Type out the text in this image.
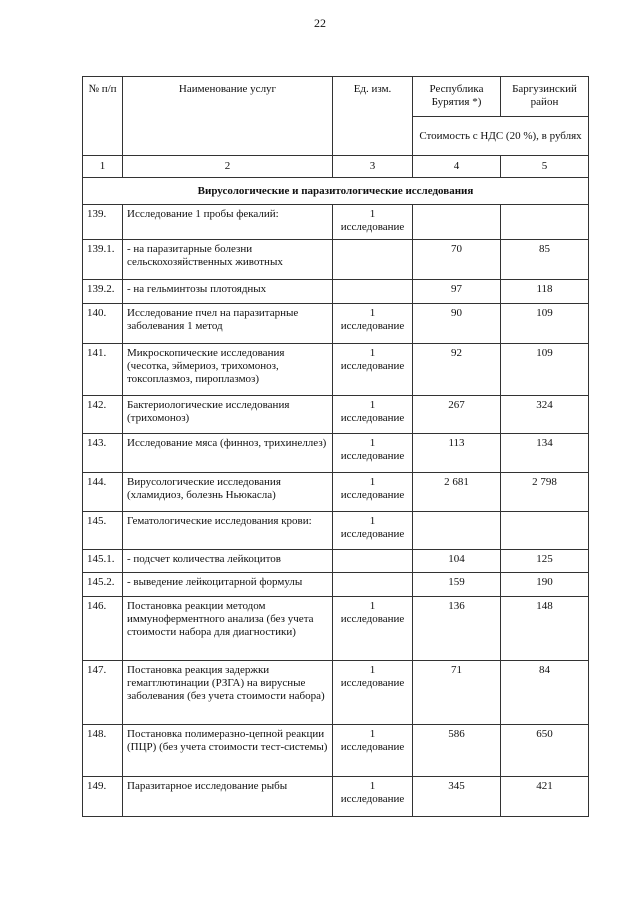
22
№ п/п	Наименование услуг	Ед. изм.	Республика Бурятия *)	Баргузинский район
			Стоимость с НДС (20 %), в рублях	
1	2	3	4	5
Вирусологические и паразитологические исследования				
139.	Исследование 1 пробы фекалий:	1 исследование		
139.1.	- на паразитарные болезни сельскохозяйственных животных		70	85
139.2.	- на гельминтозы плотоядных		97	118
140.	Исследование пчел на паразитарные заболевания 1 метод	1 исследование	90	109
141.	Микроскопические исследования (чесотка, эймериоз, трихомоноз, токсоплазмоз, пироплазмоз)	1 исследование	92	109
142.	Бактериологические исследования (трихомоноз)	1 исследование	267	324
143.	Исследование мяса (финноз, трихинеллез)	1 исследование	113	134
144.	Вирусологические исследования (хламидиоз, болезнь Ньюкасла)	1 исследование	2 681	2 798
145.	Гематологические исследования крови:	1 исследование		
145.1.	- подсчет количества лейкоцитов		104	125
145.2.	- выведение лейкоцитарной формулы		159	190
146.	Постановка реакции методом иммуноферментного анализа (без учета стоимости набора для диагностики)	1 исследование	136	148
147.	Постановка реакция задержки гемагглютинации (РЗГА) на вирусные заболевания (без учета стоимости набора)	1 исследование	71	84
148.	Постановка полимеразно-цепной реакции (ПЦР) (без учета стоимости тест-системы)	1 исследование	586	650
149.	Паразитарное исследование рыбы	1 исследование	345	421
